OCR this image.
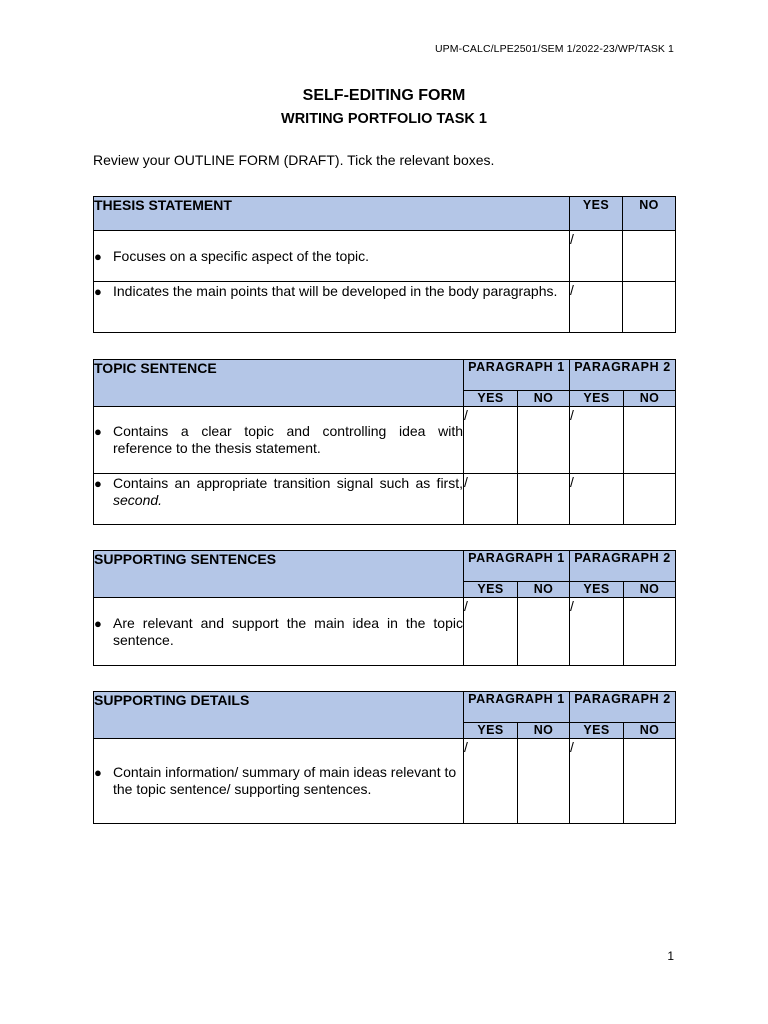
UPM-CALC/LPE2501/SEM 1/2022-23/WP/TASK 1
SELF-EDITING FORM
WRITING PORTFOLIO TASK 1
Review your OUTLINE FORM (DRAFT). Tick the relevant boxes.
THESIS STATEMENT	YES	NO

● Focuses on a specific aspect of the topic.	/	

● Indicates the main points that will be developed in the body paragraphs.	/	
TOPIC SENTENCE	PARAGRAPH 1		PARAGRAPH 2	
	YES	NO	YES	NO

● Contains a clear topic and controlling idea with reference to the thesis statement.	/		/	

● Contains an appropriate transition signal such as first, second.	/		/	
SUPPORTING SENTENCES	PARAGRAPH 1		PARAGRAPH 2	
	YES	NO	YES	NO

● Are relevant and support the main idea in the topic sentence.	/		/	
SUPPORTING DETAILS	PARAGRAPH 1		PARAGRAPH 2	
	YES	NO	YES	NO

● Contain information/ summary of main ideas relevant to the topic sentence/ supporting sentences.	/		/	
1
